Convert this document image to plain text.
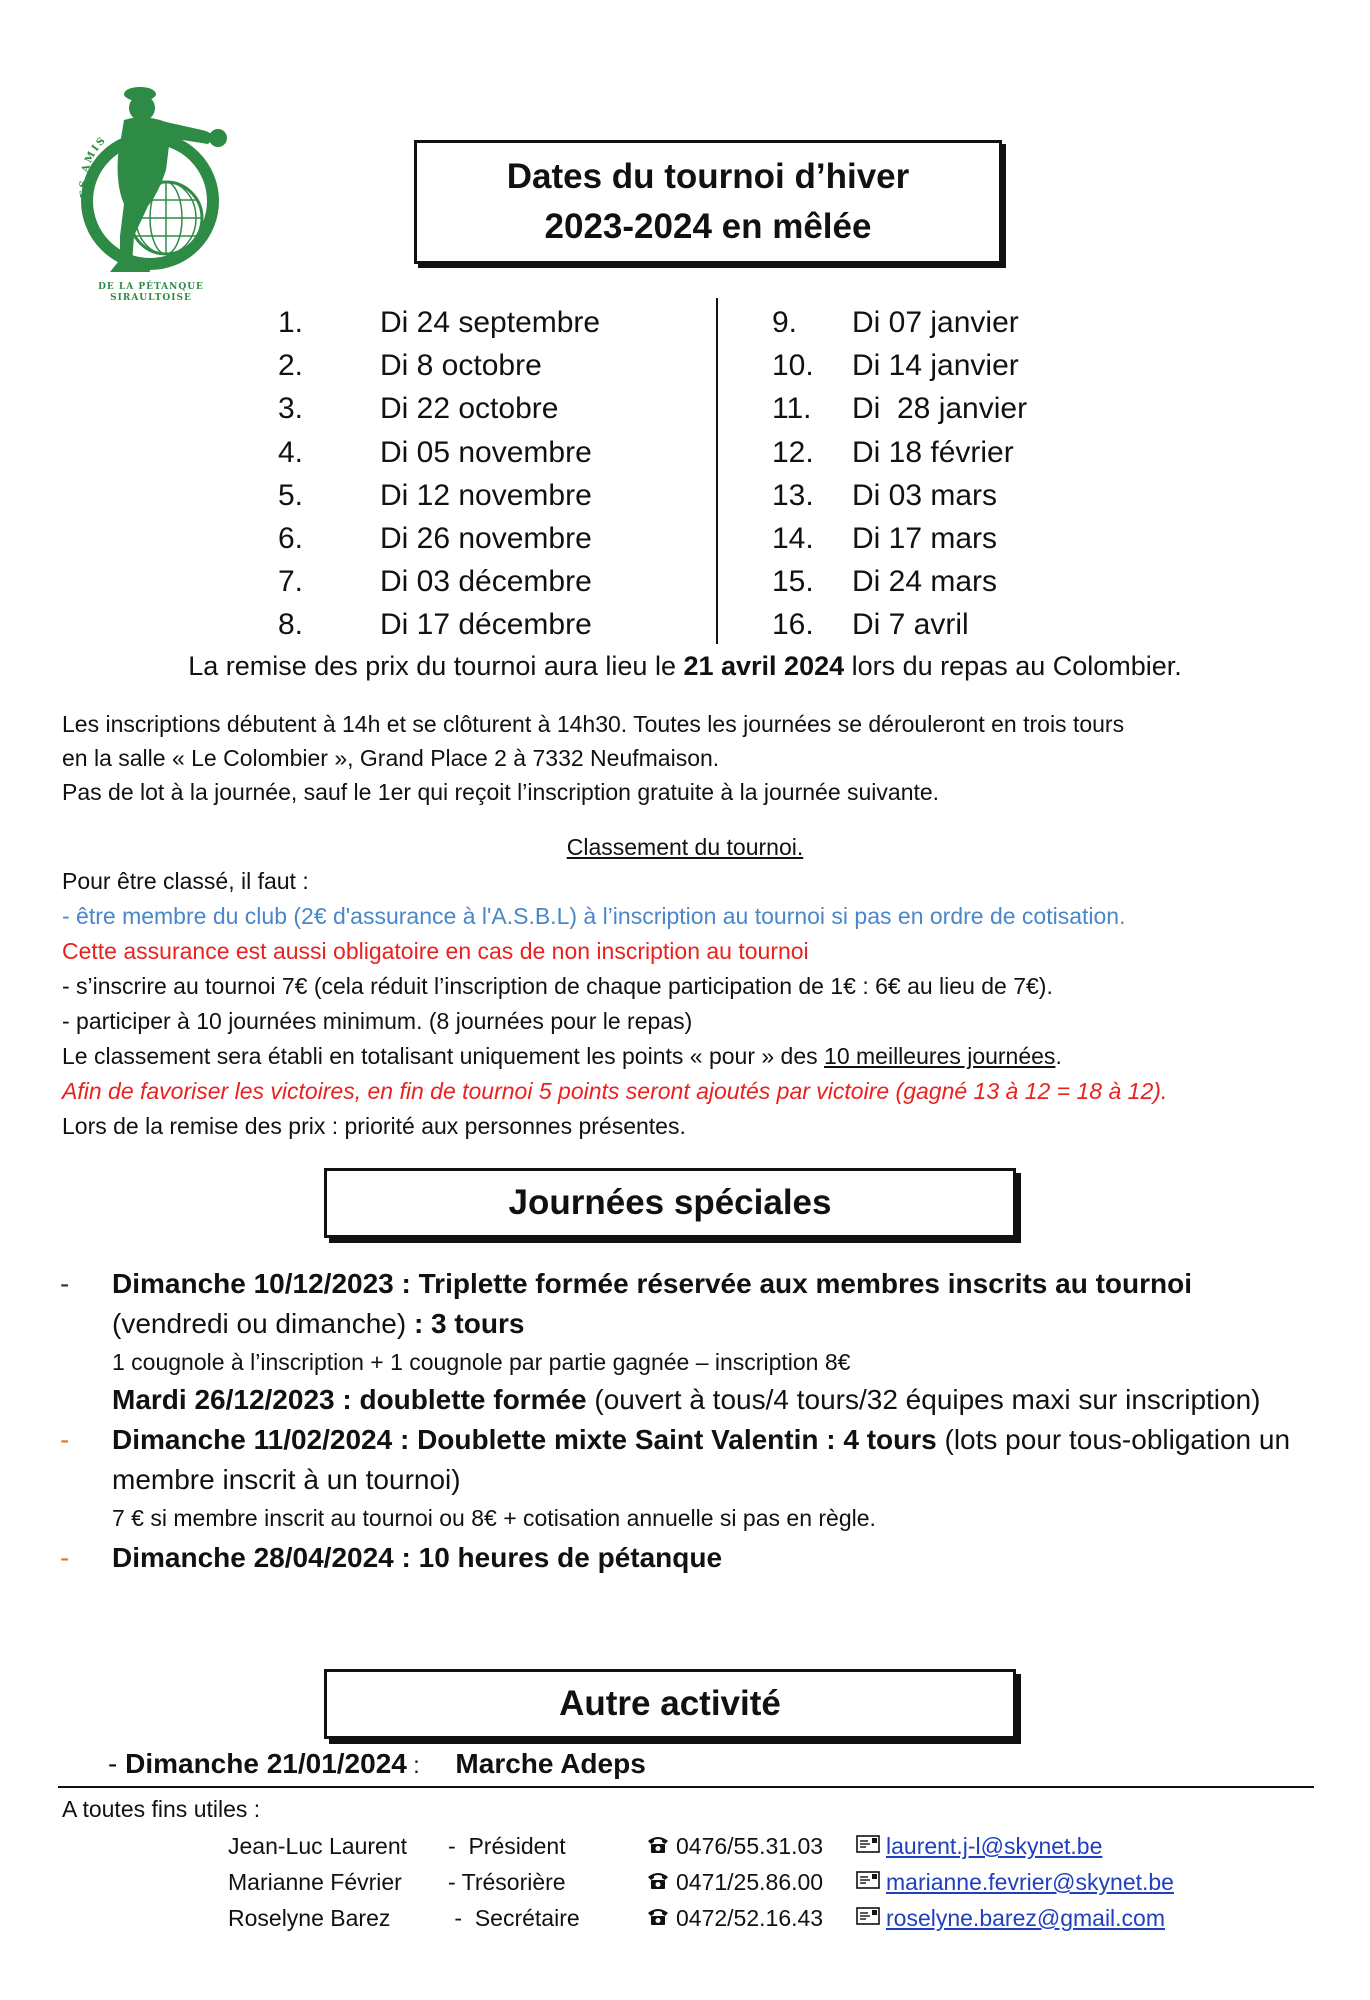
LES AMIS
DE LA PÉTANQUE
SIRAULTOISE
Dates du tournoi d’hiver
2023-2024 en mêlée
1.	Di 24 septembre
2.	Di 8 octobre
3.	Di 22 octobre
4.	Di 05 novembre
5.	Di 12 novembre
6.	Di 26 novembre
7.	Di 03 décembre
8.	Di 17 décembre
9.	Di 07 janvier
10.	Di 14 janvier
11.	Di  28 janvier
12.	Di 18 février
13.	Di 03 mars
14.	Di 17 mars
15.	Di 24 mars
16.	Di 7 avril
La remise des prix du tournoi aura lieu le 21 avril 2024 lors du repas au Colombier.
Les inscriptions débutent à 14h et se clôturent à 14h30. Toutes les journées se dérouleront en trois tours
en la salle « Le Colombier », Grand Place 2 à 7332 Neufmaison.
Pas de lot à la journée, sauf le 1er qui reçoit l’inscription gratuite à la journée suivante.
Classement du tournoi.
Pour être classé, il faut :
- être membre du club (2€ d'assurance à l'A.S.B.L) à l’inscription au tournoi si pas en ordre de cotisation.
Cette assurance est aussi obligatoire en cas de non inscription au tournoi
- s’inscrire au tournoi 7€ (cela réduit l’inscription de chaque participation de 1€ : 6€ au lieu de 7€).
- participer à 10 journées minimum. (8 journées pour le repas)
Le classement sera établi en totalisant uniquement les points « pour » des 10 meilleures journées.
Afin de favoriser les victoires, en fin de tournoi 5 points seront ajoutés par victoire (gagné 13 à 12 = 18 à 12).
Lors de la remise des prix : priorité aux personnes présentes.
Journées spéciales
- Dimanche 10/12/2023 : Triplette formée réservée aux membres inscrits au tournoi
(vendredi ou dimanche) : 3 tours
1 cougnole à l’inscription + 1 cougnole par partie gagnée – inscription 8€
Mardi 26/12/2023 : doublette formée (ouvert à tous/4 tours/32 équipes maxi sur inscription)
- Dimanche 11/02/2024 : Doublette mixte Saint Valentin : 4 tours (lots pour tous-obligation un membre inscrit à un tournoi)
7 € si membre inscrit au tournoi ou 8€ + cotisation annuelle si pas en règle.
- Dimanche 28/04/2024 : 10 heures de pétanque
Autre activité
- Dimanche 21/01/2024 : Marche Adeps
A toutes fins utiles :
Jean-Luc Laurent	-  Président	0476/55.31.03	laurent.j-l@skynet.be
Marianne Février	- Trésorière	0471/25.86.00	marianne.fevrier@skynet.be
Roselyne Barez	-  Secrétaire	0472/52.16.43	roselyne.barez@gmail.com
